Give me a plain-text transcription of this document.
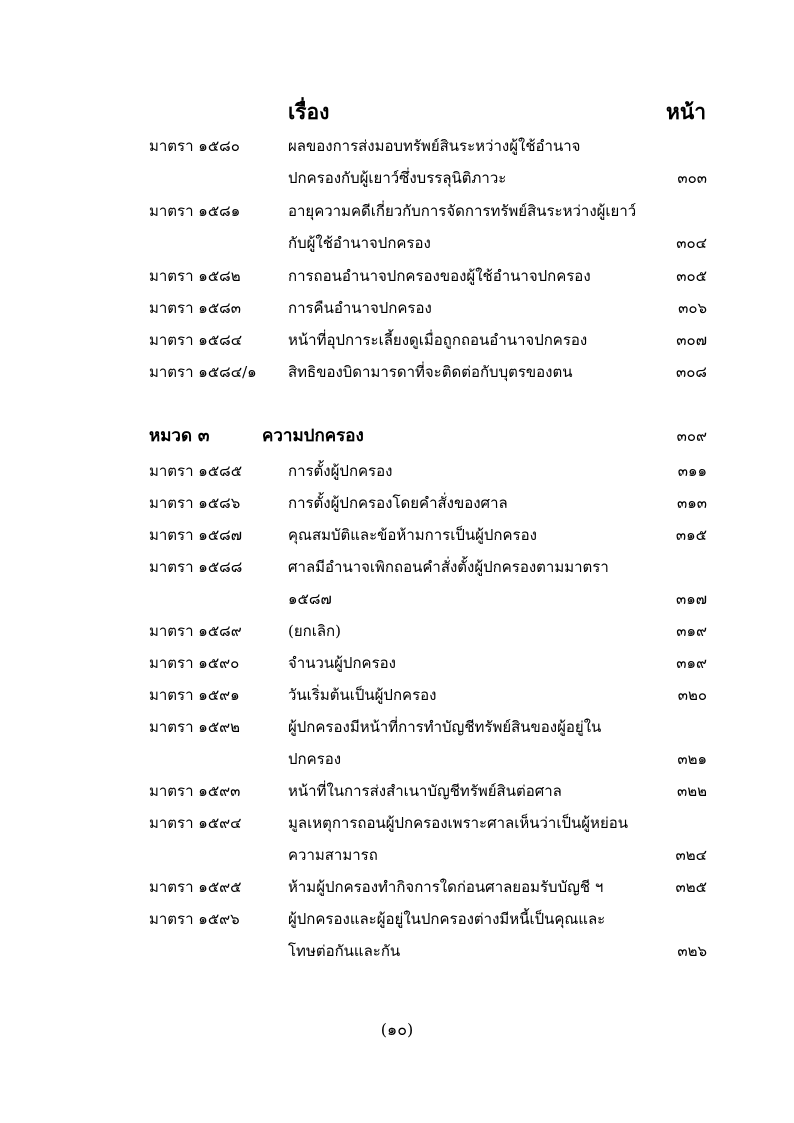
เรื่อง	หน้า
มาตรา ๑๕๘๐	ผลของการส่งมอบทรัพย์สินระหว่างผู้ใช้อำนาจ
ปกครองกับผู้เยาว์ซึ่งบรรลุนิติภาวะ	๓๐๓
มาตรา ๑๕๘๑	อายุความคดีเกี่ยวกับการจัดการทรัพย์สินระหว่างผู้เยาว์
กับผู้ใช้อำนาจปกครอง	๓๐๔
มาตรา ๑๕๘๒	การถอนอำนาจปกครองของผู้ใช้อำนาจปกครอง	๓๐๕
มาตรา ๑๕๘๓	การคืนอำนาจปกครอง	๓๐๖
มาตรา ๑๕๘๔	หน้าที่อุปการะเลี้ยงดูเมื่อถูกถอนอำนาจปกครอง	๓๐๗
มาตรา ๑๕๘๔/๑ สิทธิของบิดามารดาที่จะติดต่อกับบุตรของตน	๓๐๘
หมวด ๓	ความปกครอง	๓๐๙
มาตรา ๑๕๘๕	การตั้งผู้ปกครอง	๓๑๑
มาตรา ๑๕๘๖	การตั้งผู้ปกครองโดยคำสั่งของศาล	๓๑๓
มาตรา ๑๕๘๗	คุณสมบัติและข้อห้ามการเป็นผู้ปกครอง	๓๑๕
มาตรา ๑๕๘๘	ศาลมีอำนาจเพิกถอนคำสั่งตั้งผู้ปกครองตามมาตรา
๑๕๘๗	๓๑๗
มาตรา ๑๕๘๙	(ยกเลิก)	๓๑๙
มาตรา ๑๕๙๐	จำนวนผู้ปกครอง	๓๑๙
มาตรา ๑๕๙๑	วันเริ่มต้นเป็นผู้ปกครอง	๓๒๐
มาตรา ๑๕๙๒	ผู้ปกครองมีหน้าที่การทำบัญชีทรัพย์สินของผู้อยู่ใน
ปกครอง	๓๒๑
มาตรา ๑๕๙๓	หน้าที่ในการส่งสำเนาบัญชีทรัพย์สินต่อศาล	๓๒๒
มาตรา ๑๕๙๔	มูลเหตุการถอนผู้ปกครองเพราะศาลเห็นว่าเป็นผู้หย่อน
ความสามารถ	๓๒๔
มาตรา ๑๕๙๕	ห้ามผู้ปกครองทำกิจการใดก่อนศาลยอมรับบัญชี ฯ	๓๒๕
มาตรา ๑๕๙๖	ผู้ปกครองและผู้อยู่ในปกครองต่างมีหนี้เป็นคุณและ
โทษต่อกันและกัน	๓๒๖
(๑๐)
